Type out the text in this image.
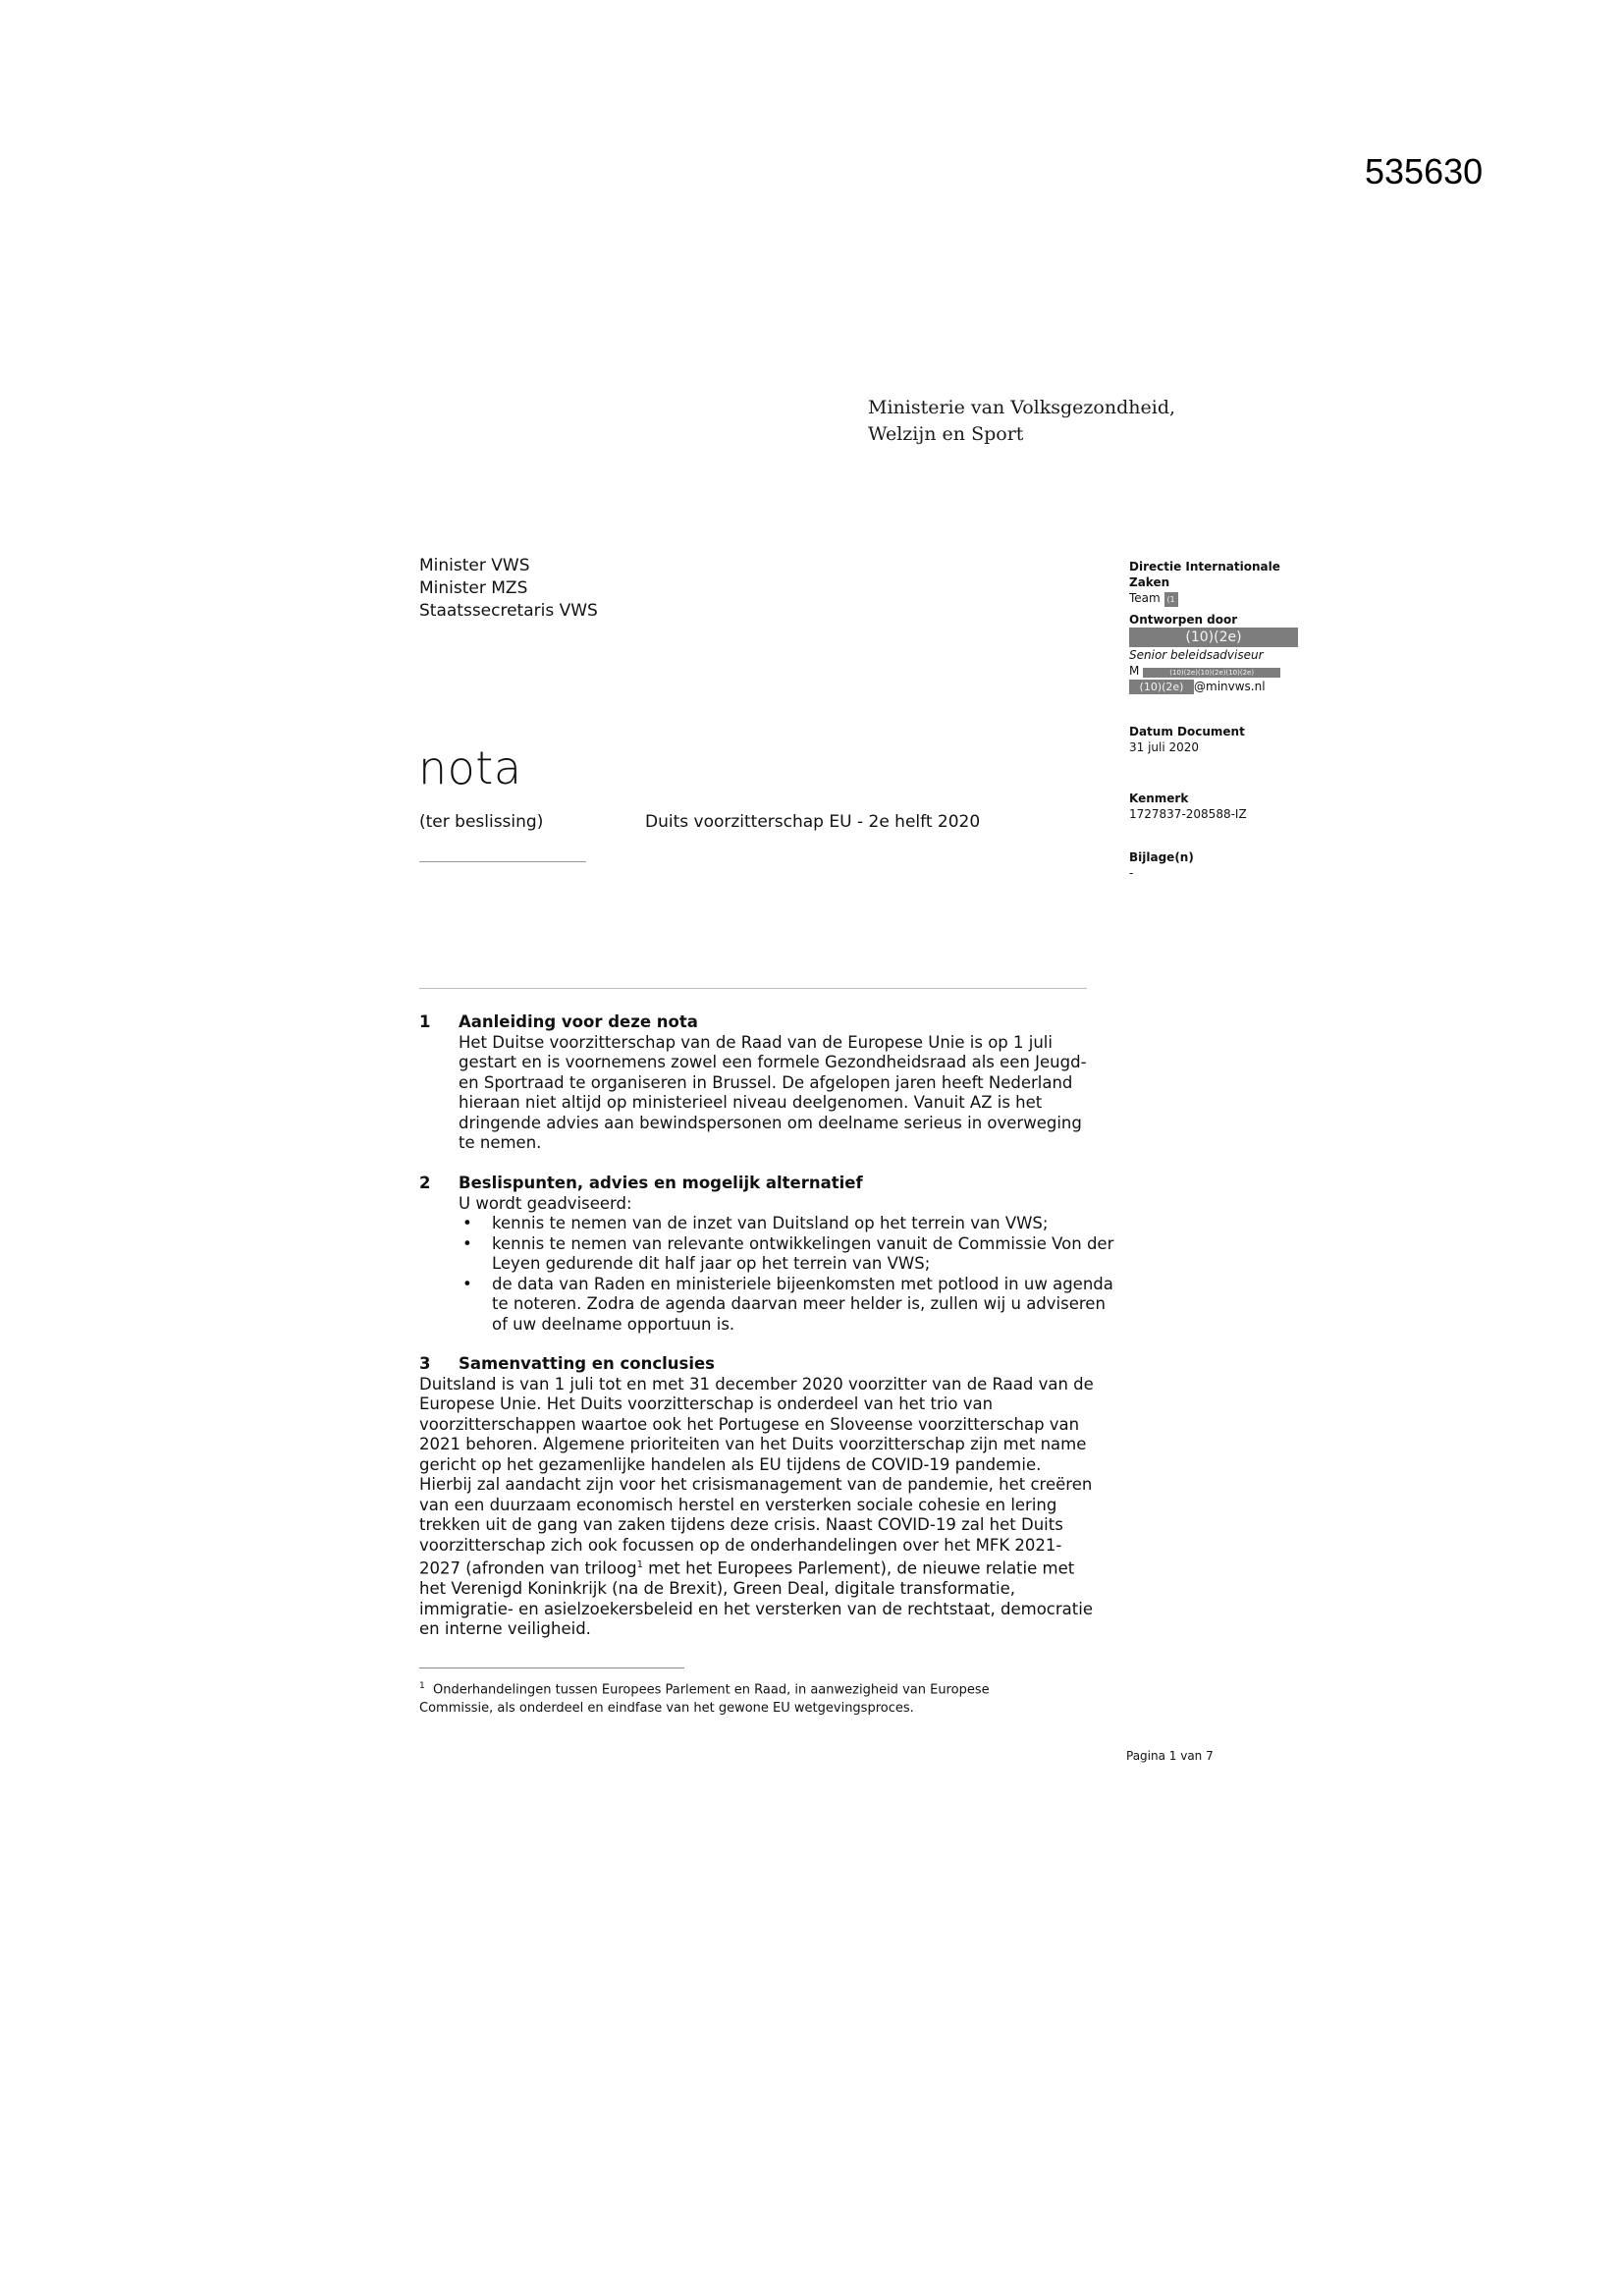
535630
Ministerie van Volksgezondheid,
Welzijn en Sport
Minister VWS
Minister MZS
Staatssecretaris VWS
nota
(ter beslissing)	Duits voorzitterschap EU - 2e helft 2020
Directie Internationale
Zaken
Team (1
Ontworpen door
(10)(2e)
Senior beleidsadviseur
M	(10)(2e)(10)(2e)(10)(2e)
(10)(2e) @minvws.nl
Datum Document
31 juli 2020
Kenmerk
1727837-208588-IZ
Bijlage(n)
-
1 Aanleiding voor deze nota
Het Duitse voorzitterschap van de Raad van de Europese Unie is op 1 juli
gestart en is voornemens zowel een formele Gezondheidsraad als een Jeugd-
en Sportraad te organiseren in Brussel. De afgelopen jaren heeft Nederland
hieraan niet altijd op ministerieel niveau deelgenomen. Vanuit AZ is het
dringende advies aan bewindspersonen om deelname serieus in overweging
te nemen.
2 Beslispunten, advies en mogelijk alternatief
U wordt geadviseerd:
• kennis te nemen van de inzet van Duitsland op het terrein van VWS;
• kennis te nemen van relevante ontwikkelingen vanuit de Commissie Von der Leyen gedurende dit half jaar op het terrein van VWS;
• de data van Raden en ministeriele bijeenkomsten met potlood in uw agenda te noteren. Zodra de agenda daarvan meer helder is, zullen wij u adviseren of uw deelname opportuun is.
3 Samenvatting en conclusies
Duitsland is van 1 juli tot en met 31 december 2020 voorzitter van de Raad van de
Europese Unie. Het Duits voorzitterschap is onderdeel van het trio van
voorzitterschappen waartoe ook het Portugese en Sloveense voorzitterschap van
2021 behoren. Algemene prioriteiten van het Duits voorzitterschap zijn met name
gericht op het gezamenlijke handelen als EU tijdens de COVID-19 pandemie.
Hierbij zal aandacht zijn voor het crisismanagement van de pandemie, het creëren
van een duurzaam economisch herstel en versterken sociale cohesie en lering
trekken uit de gang van zaken tijdens deze crisis. Naast COVID-19 zal het Duits
voorzitterschap zich ook focussen op de onderhandelingen over het MFK 2021-
2027 (afronden van triloog$^1$ met het Europees Parlement), de nieuwe relatie met
het Verenigd Koninkrijk (na de Brexit), Green Deal, digitale transformatie,
immigratie- en asielzoekersbeleid en het versterken van de rechtstaat, democratie
en interne veiligheid.
$^1$ Onderhandelingen tussen Europees Parlement en Raad, in aanwezigheid van Europese
Commissie, als onderdeel en eindfase van het gewone EU wetgevingsproces.
Pagina 1 van 7
